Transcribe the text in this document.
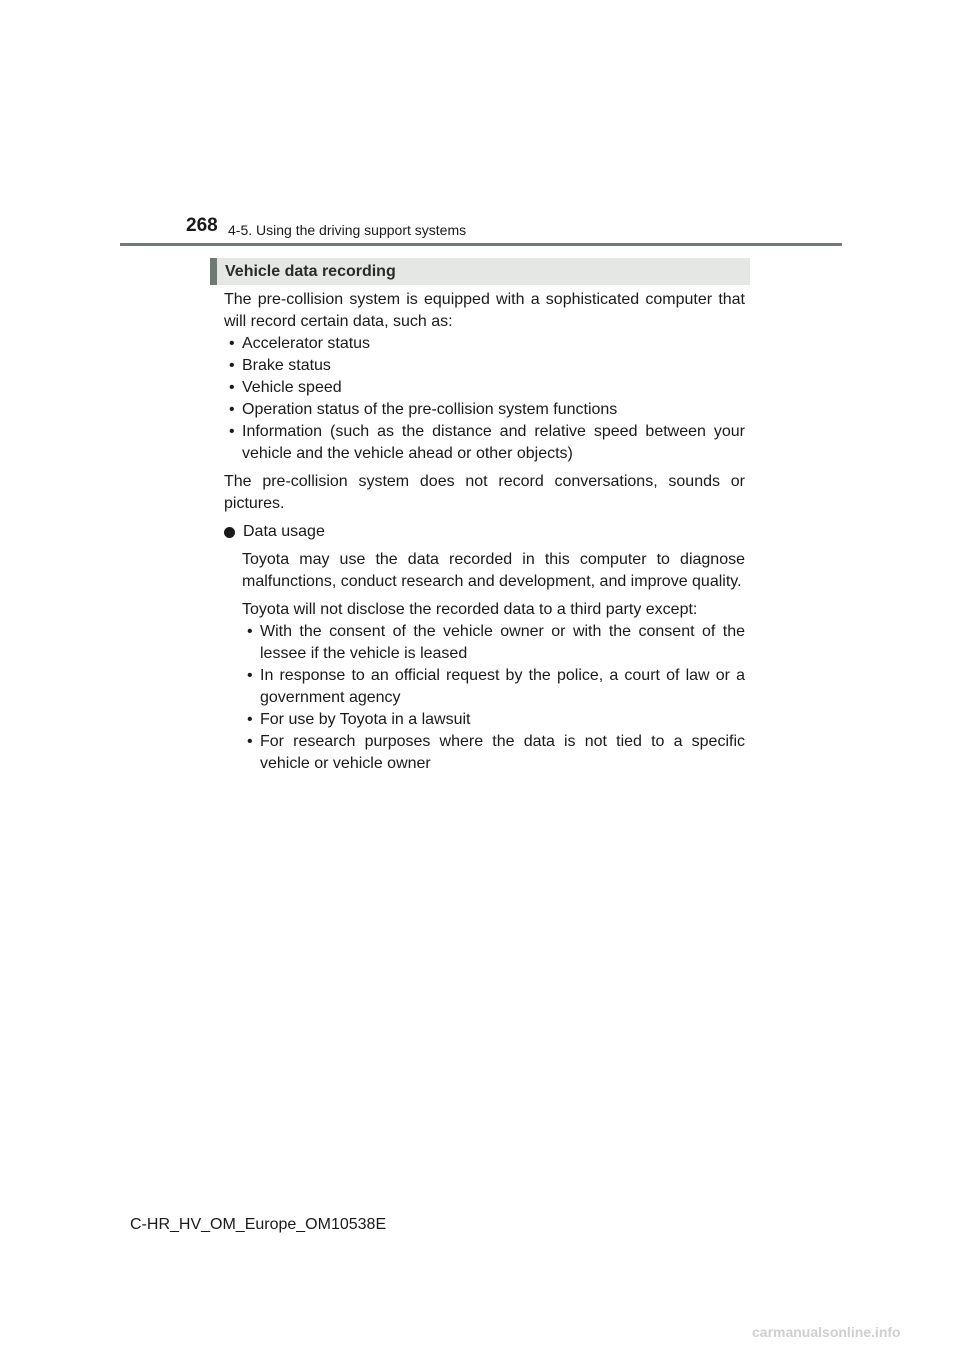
268 4-5. Using the driving support systems
Vehicle data recording

The pre-collision system is equipped with a sophisticated computer that will record certain data, such as:

• Accelerator status
• Brake status
• Vehicle speed
• Operation status of the pre-collision system functions
• Information (such as the distance and relative speed between your vehicle and the vehicle ahead or other objects)

The pre-collision system does not record conversations, sounds or pictures.

Data usage

Toyota may use the data recorded in this computer to diagnose malfunctions, conduct research and development, and improve quality.

Toyota will not disclose the recorded data to a third party except:

• With the consent of the vehicle owner or with the consent of the lessee if the vehicle is leased
• In response to an official request by the police, a court of law or a government agency
• For use by Toyota in a lawsuit
• For research purposes where the data is not tied to a specific vehicle or vehicle owner
C-HR_HV_OM_Europe_OM10538E
carmanualsonline.info
